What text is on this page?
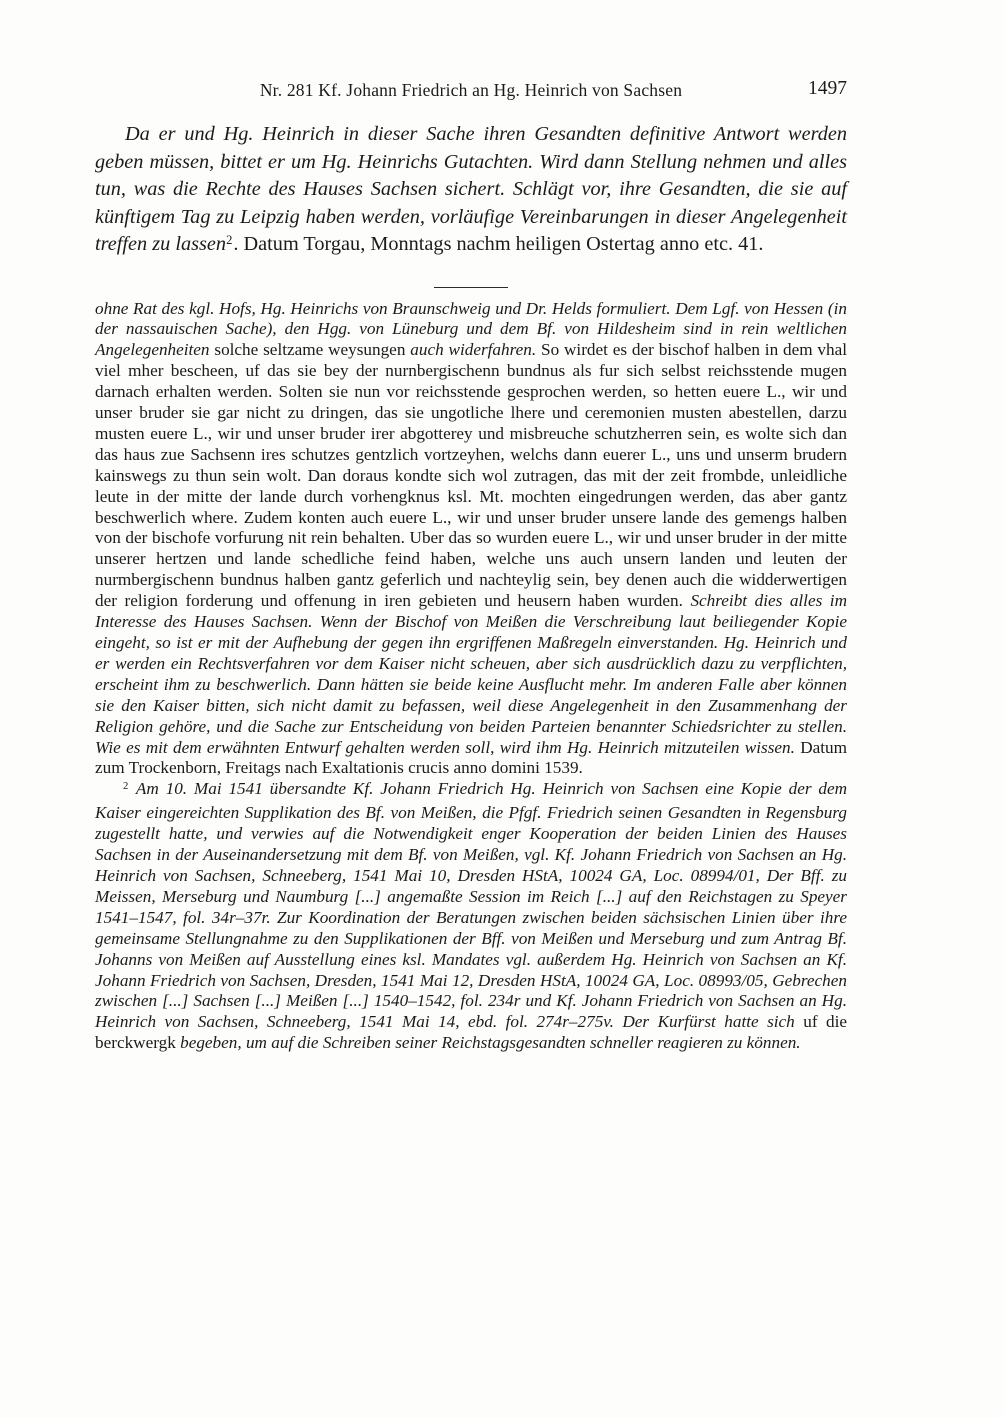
Nr. 281 Kf. Johann Friedrich an Hg. Heinrich von Sachsen	1497

Da er und Hg. Heinrich in dieser Sache ihren Gesandten definitive Antwort werden geben müssen, bittet er um Hg. Heinrichs Gutachten. Wird dann Stellung nehmen und alles tun, was die Rechte des Hauses Sachsen sichert. Schlägt vor, ihre Gesandten, die sie auf künftigem Tag zu Leipzig haben werden, vorläufige Vereinbarungen in dieser Angelegenheit treffen zu lassen$^2$. Datum Torgau, Monntags nachm heiligen Ostertag anno etc. 41.

ohne Rat des kgl. Hofs, Hg. Heinrichs von Braunschweig und Dr. Helds formuliert. Dem Lgf. von Hessen (in der nassauischen Sache), den Hgg. von Lüneburg und dem Bf. von Hildesheim sind in rein weltlichen Angelegenheiten solche seltzame weysungen auch widerfahren. So wirdet es der bischof halben in dem vhal viel mher bescheen, uf das sie bey der nurnbergischenn bundnus als fur sich selbst reichsstende mugen darnach erhalten werden. Solten sie nun vor reichsstende gesprochen werden, so hetten euere L., wir und unser bruder sie gar nicht zu dringen, das sie ungotliche lhere und ceremonien musten abestellen, darzu musten euere L., wir und unser bruder irer abgotterey und misbreuche schutzherren sein, es wolte sich dan das haus zue Sachsenn ires schutzes gentzlich vortzeyhen, welchs dann euerer L., uns und unserm brudern kainswegs zu thun sein wolt. Dan doraus kondte sich wol zutragen, das mit der zeit frombde, unleidliche leute in der mitte der lande durch vorhengknus ksl. Mt. mochten eingedrungen werden, das aber gantz beschwerlich where. Zudem konten auch euere L., wir und unser bruder unsere lande des gemengs halben von der bischofe vorfurung nit rein behalten. Uber das so wurden euere L., wir und unser bruder in der mitte unserer hertzen und lande schedliche feind haben, welche uns auch unsern landen und leuten der nurmbergischenn bundnus halben gantz geferlich und nachteylig sein, bey denen auch die widderwertigen der religion forderung und offenung in iren gebieten und heusern haben wurden. Schreibt dies alles im Interesse des Hauses Sachsen. Wenn der Bischof von Meißen die Verschreibung laut beiliegender Kopie eingeht, so ist er mit der Aufhebung der gegen ihn ergriffenen Maßregeln einverstanden. Hg. Heinrich und er werden ein Rechtsverfahren vor dem Kaiser nicht scheuen, aber sich ausdrücklich dazu zu verpflichten, erscheint ihm zu beschwerlich. Dann hätten sie beide keine Ausflucht mehr. Im anderen Falle aber können sie den Kaiser bitten, sich nicht damit zu befassen, weil diese Angelegenheit in den Zusammenhang der Religion gehöre, und die Sache zur Entscheidung von beiden Parteien benannter Schiedsrichter zu stellen. Wie es mit dem erwähnten Entwurf gehalten werden soll, wird ihm Hg. Heinrich mitzuteilen wissen. Datum zum Trockenborn, Freitags nach Exaltationis crucis anno domini 1539.

$^2$ Am 10. Mai 1541 übersandte Kf. Johann Friedrich Hg. Heinrich von Sachsen eine Kopie der dem Kaiser eingereichten Supplikation des Bf. von Meißen, die Pfgf. Friedrich seinen Gesandten in Regensburg zugestellt hatte, und verwies auf die Notwendigkeit enger Kooperation der beiden Linien des Hauses Sachsen in der Auseinandersetzung mit dem Bf. von Meißen, vgl. Kf. Johann Friedrich von Sachsen an Hg. Heinrich von Sachsen, Schneeberg, 1541 Mai 10, Dresden HStA, 10024 GA, Loc. 08994/01, Der Bff. zu Meissen, Merseburg und Naumburg [...] angemaßte Session im Reich [...] auf den Reichstagen zu Speyer 1541–1547, fol. 34r–37r. Zur Koordination der Beratungen zwischen beiden sächsischen Linien über ihre gemeinsame Stellungnahme zu den Supplikationen der Bff. von Meißen und Merseburg und zum Antrag Bf. Johanns von Meißen auf Ausstellung eines ksl. Mandates vgl. außerdem Hg. Heinrich von Sachsen an Kf. Johann Friedrich von Sachsen, Dresden, 1541 Mai 12, Dresden HStA, 10024 GA, Loc. 08993/05, Gebrechen zwischen [...] Sachsen [...] Meißen [...] 1540–1542, fol. 234r und Kf. Johann Friedrich von Sachsen an Hg. Heinrich von Sachsen, Schneeberg, 1541 Mai 14, ebd. fol. 274r–275v. Der Kurfürst hatte sich uf die berckwergk begeben, um auf die Schreiben seiner Reichstagsgesandten schneller reagieren zu können.
